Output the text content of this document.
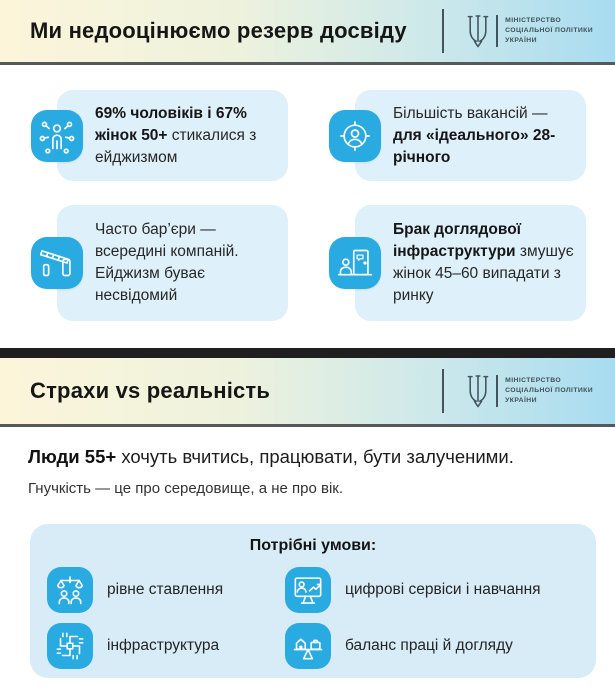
Ми недооцінюємо резерв досвіду	МІНІСТЕРСТВО
СОЦІАЛЬНОЇ ПОЛІТИКИ
УКРАЇНИ
69% чоловіків і 67% жінок 50+ стикалися з ейджизмом
Більшість вакансій — для «ідеального» 28-річного
Часто бар’єри — всередині компаній. Ейджизм буває несвідомий
Брак доглядової інфраструктури змушує жінок 45–60 випадати з ринку
Страхи vs реальність	МІНІСТЕРСТВО
СОЦІАЛЬНОЇ ПОЛІТИКИ
УКРАЇНИ

Люди 55+ хочуть вчитись, працювати, бути залученими.

Гнучкість — це про середовище, а не про вік.

Потрібні умови:
рівне ставлення	цифрові сервіси і навчання
інфраструктура	баланс праці й догляду
